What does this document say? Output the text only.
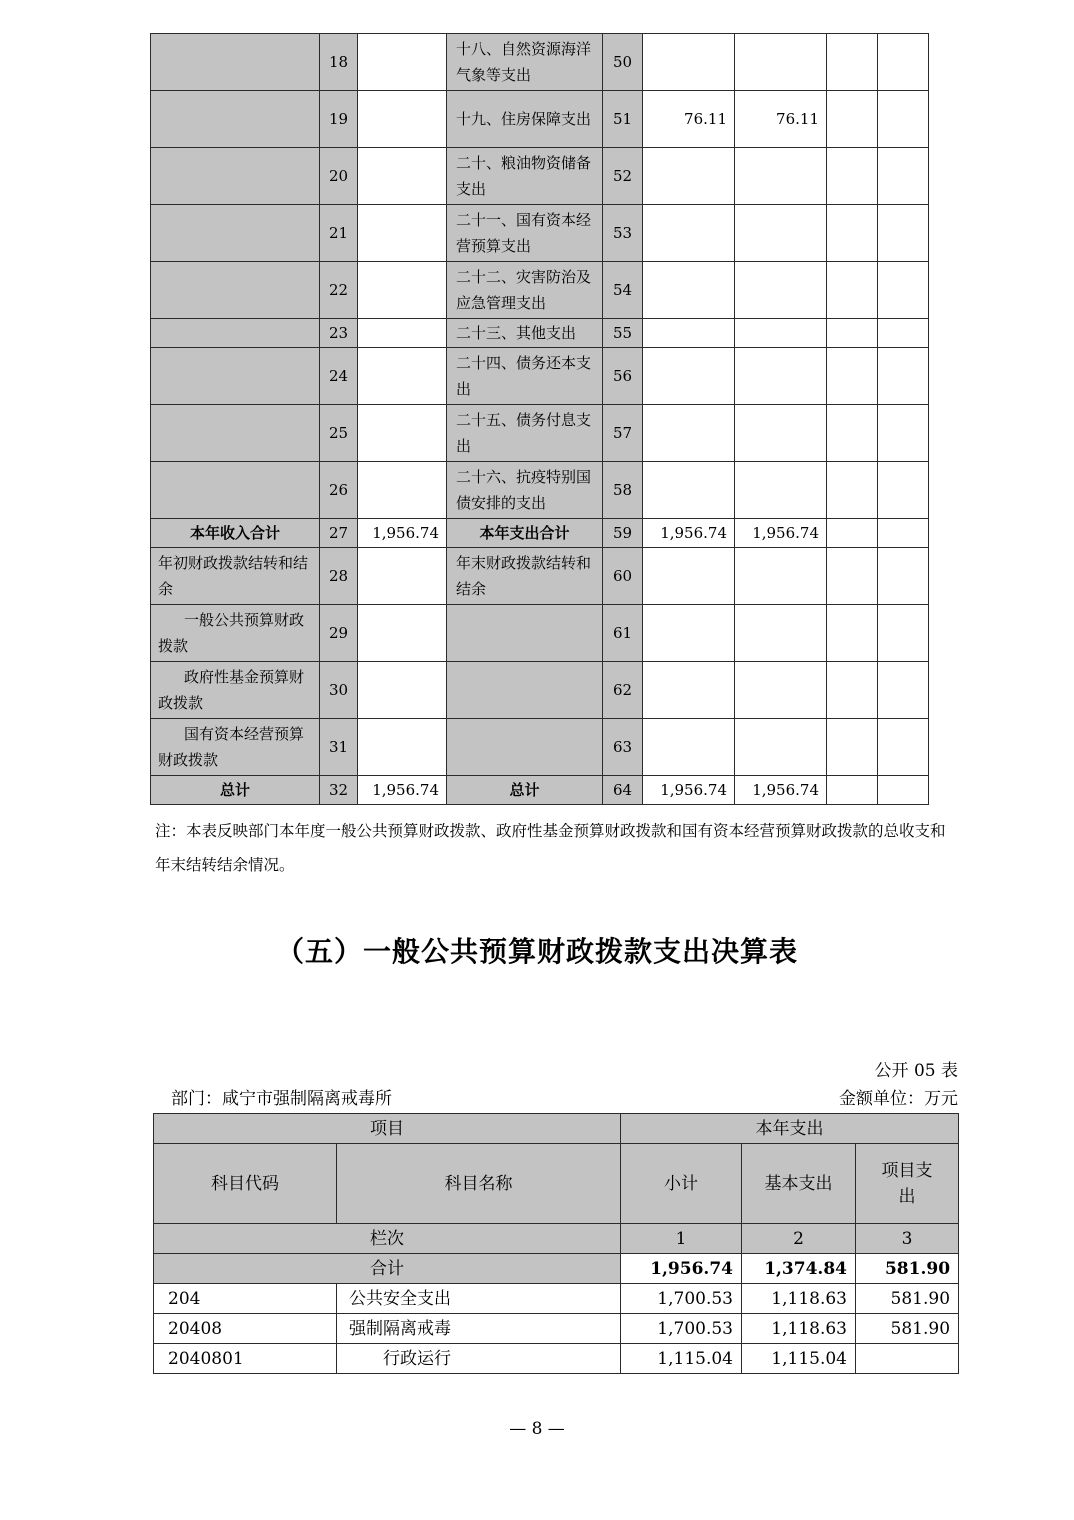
	18		十八、自然资源海洋气象等支出	50				
	19		十九、住房保障支出	51	76.11	76.11		
	20		二十、粮油物资储备支出	52				
	21		二十一、国有资本经营预算支出	53				
	22		二十二、灾害防治及应急管理支出	54				
	23		二十三、其他支出	55				
	24		二十四、债务还本支出	56				
	25		二十五、债务付息支出	57				
	26		二十六、抗疫特别国债安排的支出	58				
本年收入合计	27	1,956.74	本年支出合计	59	1,956.74	1,956.74		
年初财政拨款结转和结余	28		年末财政拨款结转和结余	60				
一般公共预算财政拨款	29			61				
政府性基金预算财政拨款	30			62				
国有资本经营预算财政拨款	31			63				
总计	32	1,956.74	总计	64	1,956.74	1,956.74		
注：本表反映部门本年度一般公共预算财政拨款、政府性基金预算财政拨款和国有资本经营预算财政拨款的总收支和年末结转结余情况。
（五）一般公共预算财政拨款支出决算表
公开 05 表
部门：咸宁市强制隔离戒毒所	金额单位：万元
项目		本年支出		
科目代码	科目名称	小计	基本支出	项目支出
栏次		1	2	3
合计		1,956.74	1,374.84	581.90
204	公共安全支出	1,700.53	1,118.63	581.90
20408	强制隔离戒毒	1,700.53	1,118.63	581.90
2040801	行政运行	1,115.04	1,115.04	
— 8 —
